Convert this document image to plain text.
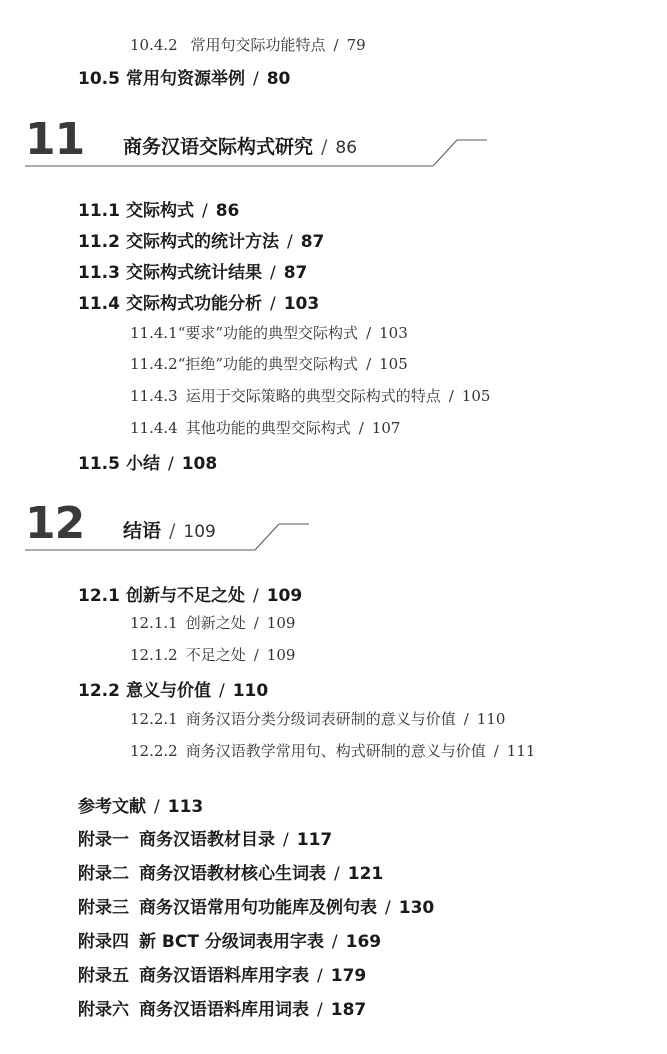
10.4.2 常用句交际功能特点 / 79
10.5 常用句资源举例 / 80
11 商务汉语交际构式研究 / 86
11.1 交际构式 / 86
11.2 交际构式的统计方法 / 87
11.3 交际构式统计结果 / 87
11.4 交际构式功能分析 / 103
11.4.1“要求”功能的典型交际构式 / 103
11.4.2“拒绝”功能的典型交际构式 / 105
11.4.3 运用于交际策略的典型交际构式的特点 / 105
11.4.4 其他功能的典型交际构式 / 107
11.5 小结 / 108
12 结语 / 109
12.1 创新与不足之处 / 109
12.1.1 创新之处 / 109
12.1.2 不足之处 / 109
12.2 意义与价值 / 110
12.2.1 商务汉语分类分级词表研制的意义与价值 / 110
12.2.2 商务汉语教学常用句、构式研制的意义与价值 / 111
参考文献 / 113
附录一 商务汉语教材目录 / 117
附录二 商务汉语教材核心生词表 / 121
附录三 商务汉语常用句功能库及例句表 / 130
附录四 新 BCT 分级词表用字表 / 169
附录五 商务汉语语料库用字表 / 179
附录六 商务汉语语料库用词表 / 187
